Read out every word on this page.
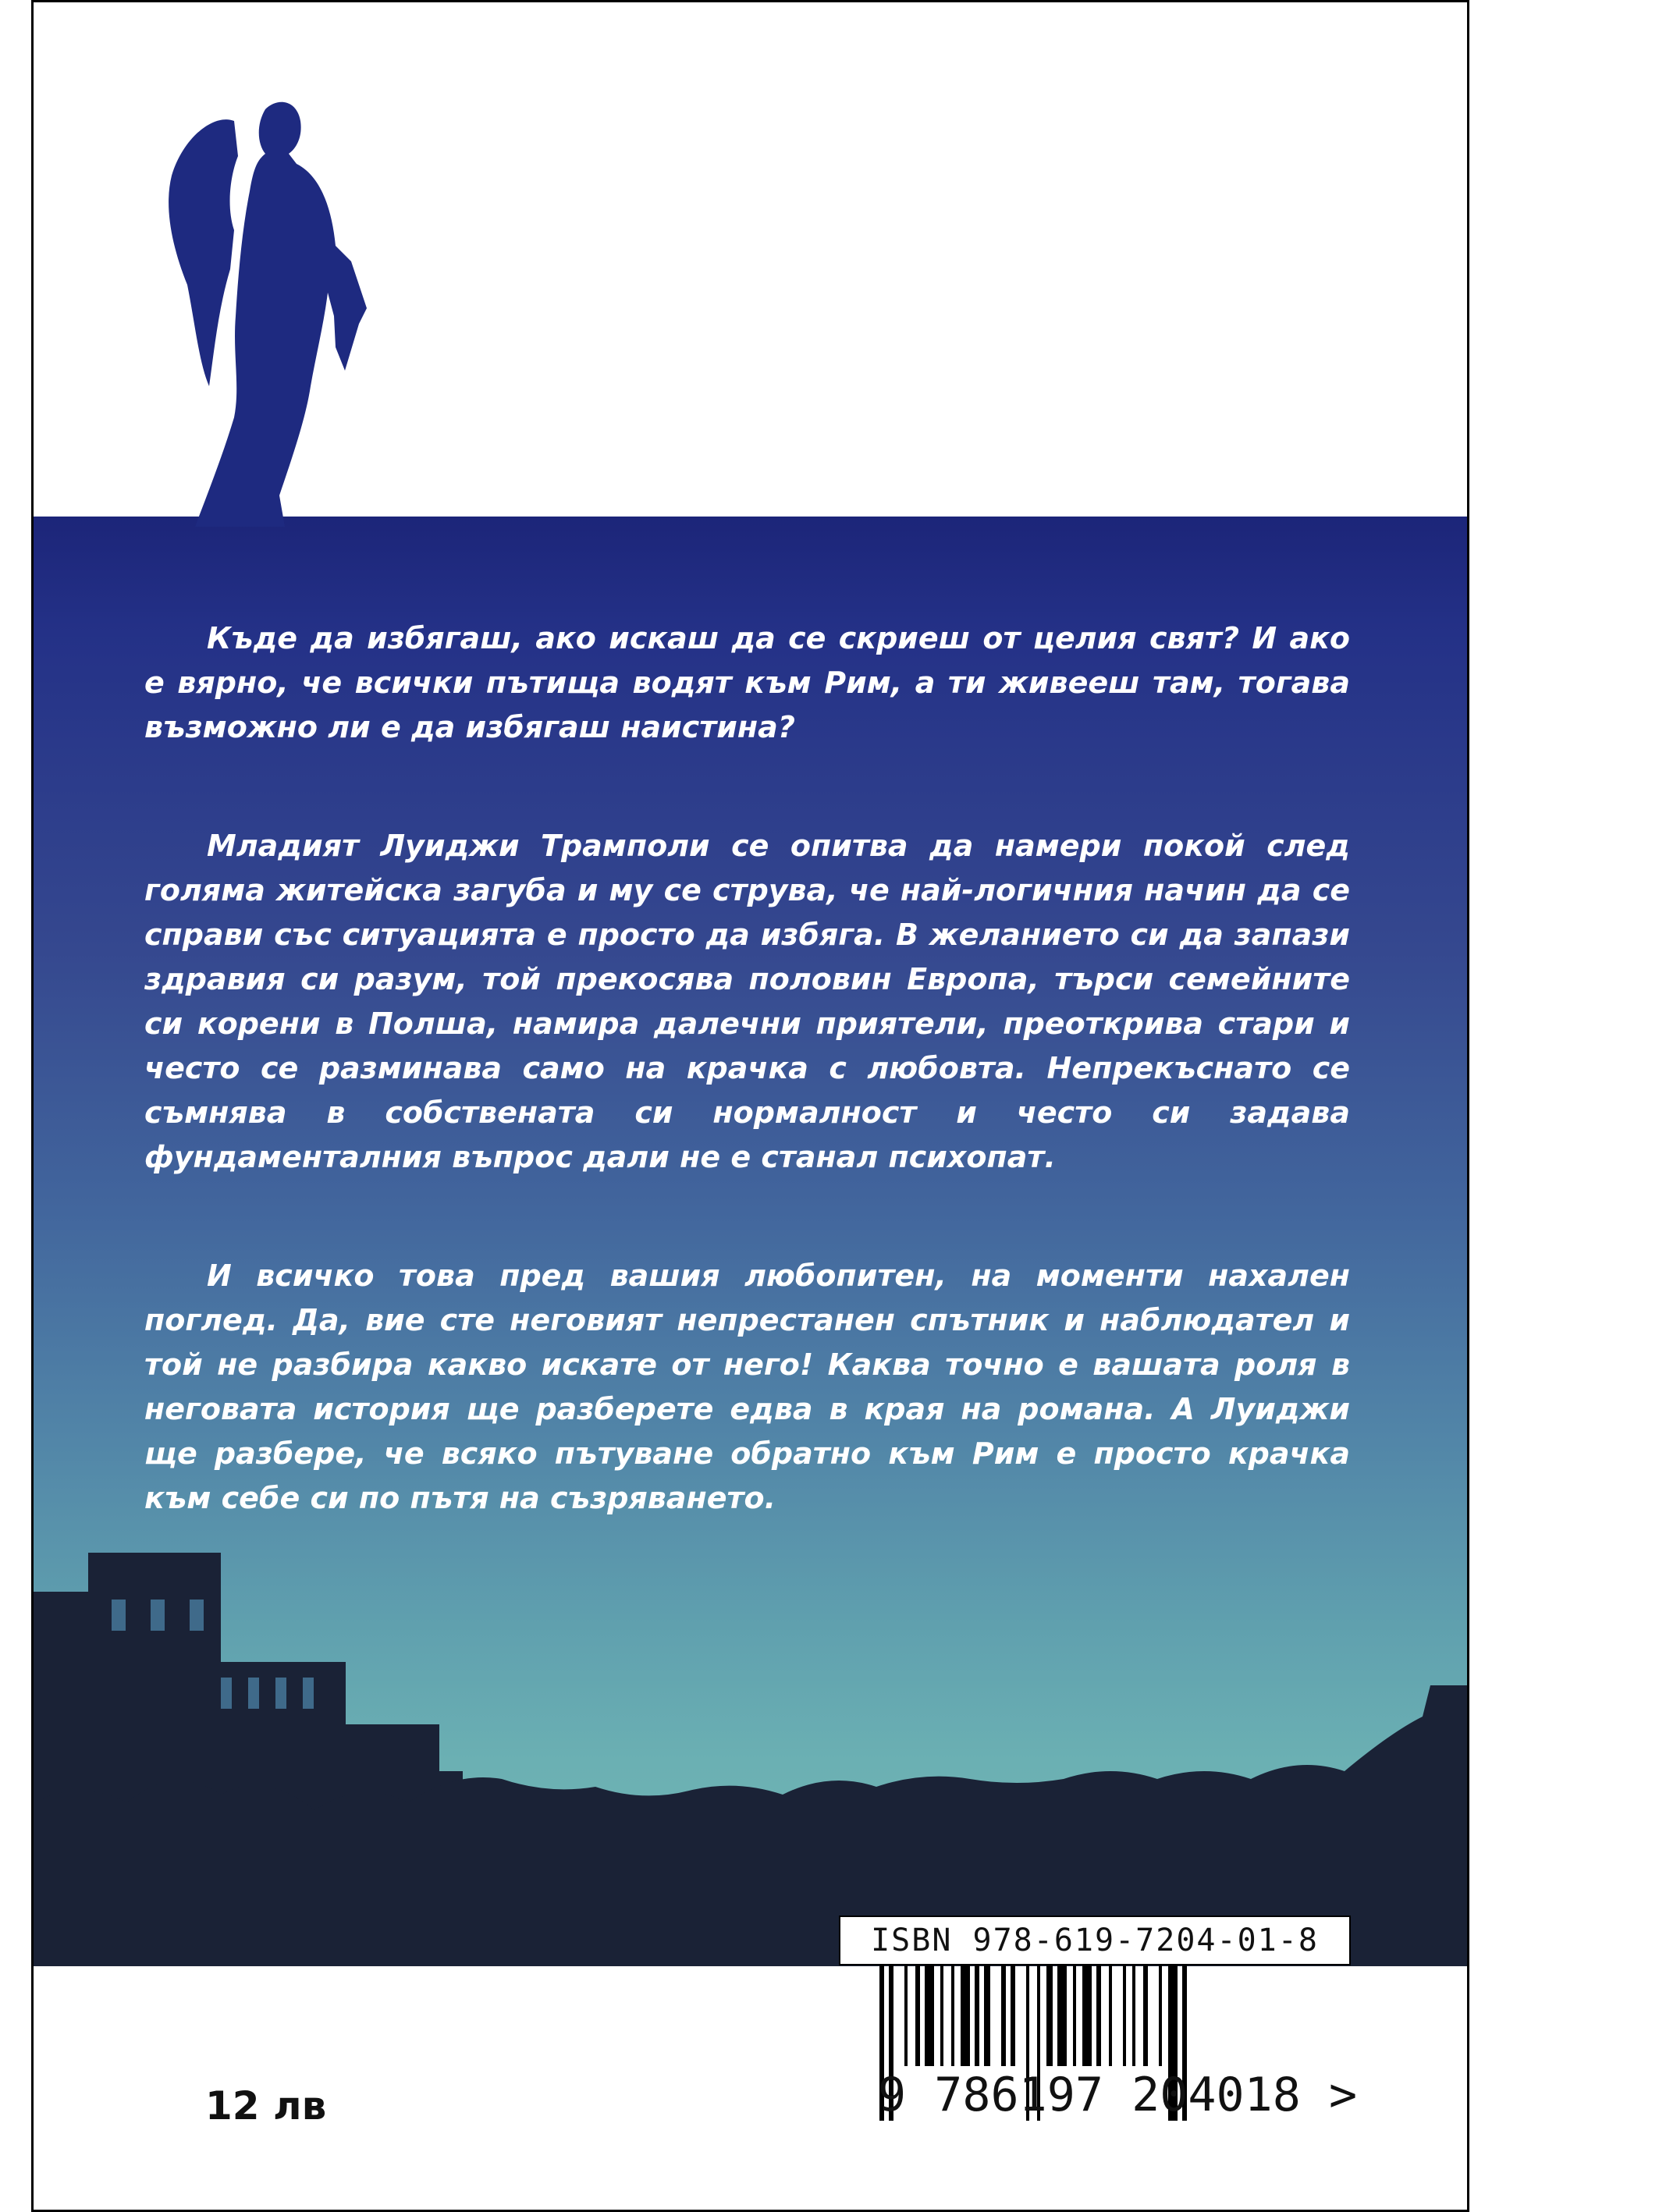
Къде да избягаш, ако искаш да се скриеш от целия свят? И ако е вярно, че всички пътища водят към Рим, а ти живееш там, тогава възможно ли е да избягаш наистина?

Младият Луиджи Трамполи се опитва да намери покой след голяма житейска загуба и му се струва, че най-логичния начин да се справи със ситуацията е просто да избяга. В желанието си да запази здравия си разум, той прекосява половин Европа, търси семейните си корени в Полша, намира далечни приятели, преоткрива стари и често се разминава само на крачка с любовта. Непрекъснато се съмнява в собствената си нормалност и често си задава фундаменталния въпрос дали не е станал психопат.

И всичко това пред вашия любопитен, на моменти нахален поглед. Да, вие сте неговият непрестанен спътник и наблюдател и той не разбира какво искате от него! Каква точно е вашата роля в неговата история ще разберете едва в края на романа. А Луиджи ще разбере, че всяко пътуване обратно към Рим е просто крачка към себе си по пътя на съзряването.

ISBN 978-619-7204-01-8
9 786197 204018 >
12 лв
